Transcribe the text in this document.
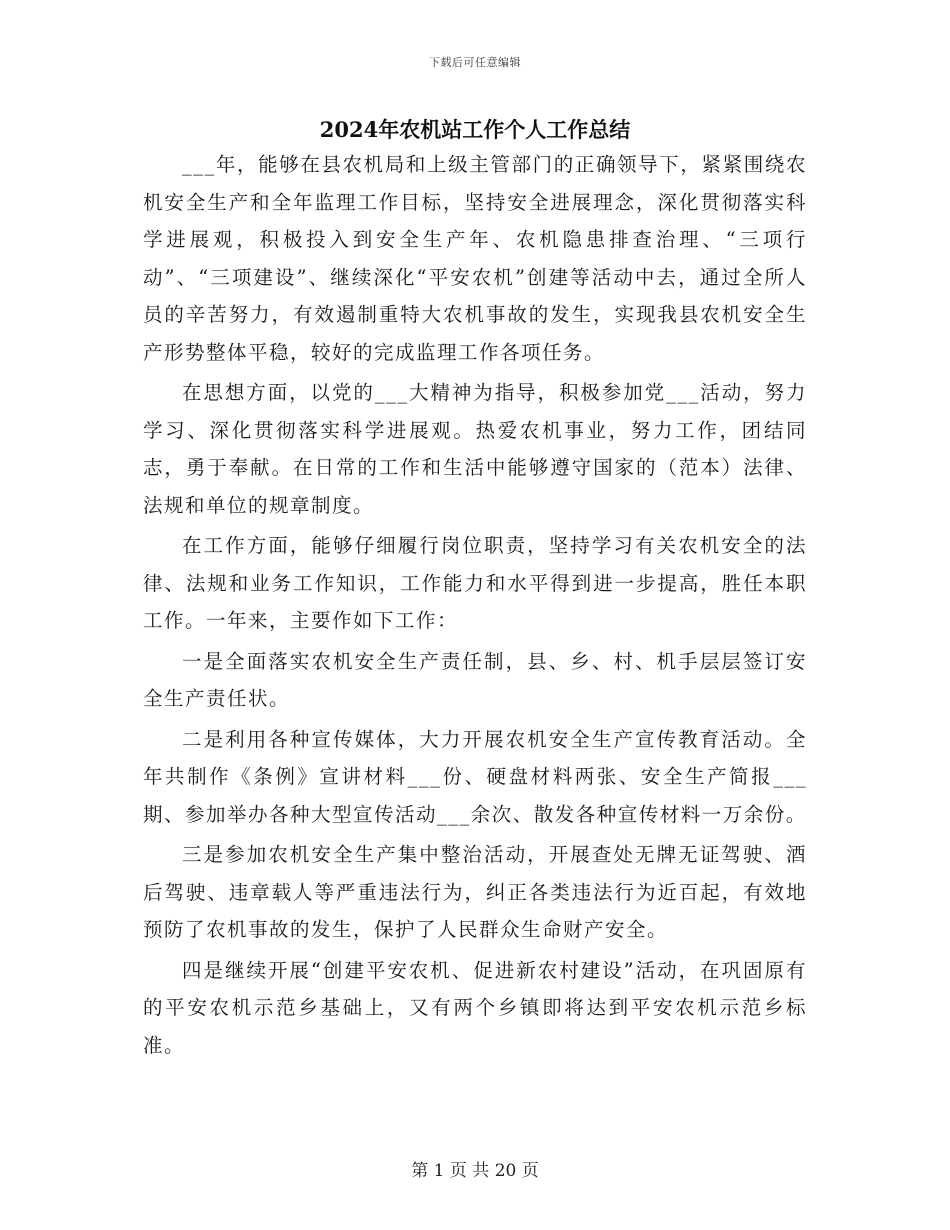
下载后可任意编辑
2024年农机站工作个人工作总结

___年，能够在县农机局和上级主管部门的正确领导下，紧紧围绕农机安全生产和全年监理工作目标，坚持安全进展理念，深化贯彻落实科学进展观，积极投入到安全生产年、农机隐患排查治理、“三项行动”、“三项建设”、继续深化“平安农机”创建等活动中去，通过全所人员的辛苦努力，有效遏制重特大农机事故的发生，实现我县农机安全生产形势整体平稳，较好的完成监理工作各项任务。

在思想方面，以党的___大精神为指导，积极参加党___活动，努力学习、深化贯彻落实科学进展观。热爱农机事业，努力工作，团结同志，勇于奉献。在日常的工作和生活中能够遵守国家的（范本）法律、法规和单位的规章制度。

在工作方面，能够仔细履行岗位职责，坚持学习有关农机安全的法律、法规和业务工作知识，工作能力和水平得到进一步提高，胜任本职工作。一年来，主要作如下工作：

一是全面落实农机安全生产责任制，县、乡、村、机手层层签订安全生产责任状。

二是利用各种宣传媒体，大力开展农机安全生产宣传教育活动。全年共制作《条例》宣讲材料___份、硬盘材料两张、安全生产简报___期、参加举办各种大型宣传活动___余次、散发各种宣传材料一万余份。

三是参加农机安全生产集中整治活动，开展查处无牌无证驾驶、酒后驾驶、违章载人等严重违法行为，纠正各类违法行为近百起，有效地预防了农机事故的发生，保护了人民群众生命财产安全。

四是继续开展“创建平安农机、促进新农村建设”活动，在巩固原有的平安农机示范乡基础上，又有两个乡镇即将达到平安农机示范乡标准。

第 1 页 共 20 页
